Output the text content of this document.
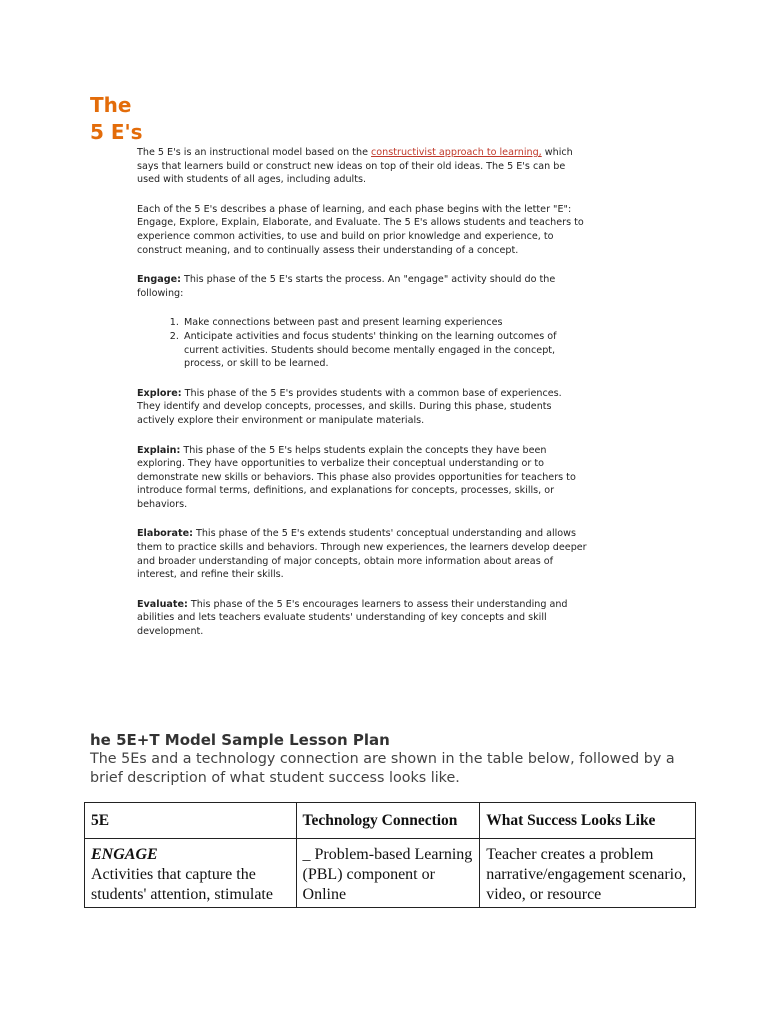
The
5 E's

The 5 E's is an instructional model based on the constructivist approach to learning, which says that learners build or construct new ideas on top of their old ideas. The 5 E's can be used with students of all ages, including adults.

Each of the 5 E's describes a phase of learning, and each phase begins with the letter "E": Engage, Explore, Explain, Elaborate, and Evaluate. The 5 E's allows students and teachers to experience common activities, to use and build on prior knowledge and experience, to construct meaning, and to continually assess their understanding of a concept.

Engage: This phase of the 5 E's starts the process. An "engage" activity should do the following:

1. Make connections between past and present learning experiences
2. Anticipate activities and focus students' thinking on the learning outcomes of current activities. Students should become mentally engaged in the concept, process, or skill to be learned.

Explore: This phase of the 5 E's provides students with a common base of experiences. They identify and develop concepts, processes, and skills. During this phase, students actively explore their environment or manipulate materials.

Explain: This phase of the 5 E's helps students explain the concepts they have been exploring. They have opportunities to verbalize their conceptual understanding or to demonstrate new skills or behaviors. This phase also provides opportunities for teachers to introduce formal terms, definitions, and explanations for concepts, processes, skills, or behaviors.

Elaborate: This phase of the 5 E's extends students' conceptual understanding and allows them to practice skills and behaviors. Through new experiences, the learners develop deeper and broader understanding of major concepts, obtain more information about areas of interest, and refine their skills.

Evaluate: This phase of the 5 E's encourages learners to assess their understanding and abilities and lets teachers evaluate students' understanding of key concepts and skill development.

he 5E+T Model Sample Lesson Plan

The 5Es and a technology connection are shown in the table below, followed by a brief description of what student success looks like.

5E	Technology Connection	What Success Looks Like

ENGAGE
Activities that capture the students' attention, stimulate	_ Problem-based Learning (PBL) component or Online	Teacher creates a problem narrative/engagement scenario, video, or resource
